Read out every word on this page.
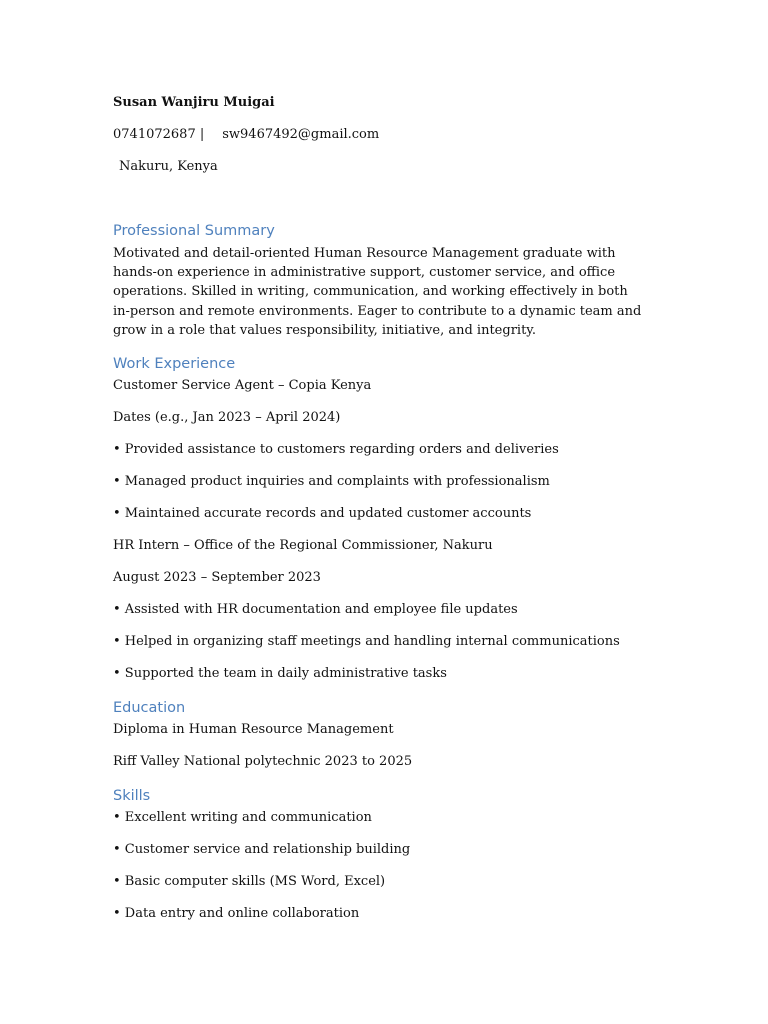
Susan Wanjiru Muigai
0741072687 | sw9467492@gmail.com
Nakuru, Kenya
Professional Summary
Motivated and detail-oriented Human Resource Management graduate with hands-on experience in administrative support, customer service, and office operations. Skilled in writing, communication, and working effectively in both in-person and remote environments. Eager to contribute to a dynamic team and grow in a role that values responsibility, initiative, and integrity.
Work Experience
Customer Service Agent – Copia Kenya
Dates (e.g., Jan 2023 – April 2024)
• Provided assistance to customers regarding orders and deliveries
• Managed product inquiries and complaints with professionalism
• Maintained accurate records and updated customer accounts
HR Intern – Office of the Regional Commissioner, Nakuru
August 2023 – September 2023
• Assisted with HR documentation and employee file updates
• Helped in organizing staff meetings and handling internal communications
• Supported the team in daily administrative tasks
Education
Diploma in Human Resource Management
Riff Valley National polytechnic 2023 to 2025
Skills
• Excellent writing and communication
• Customer service and relationship building
• Basic computer skills (MS Word, Excel)
• Data entry and online collaboration
